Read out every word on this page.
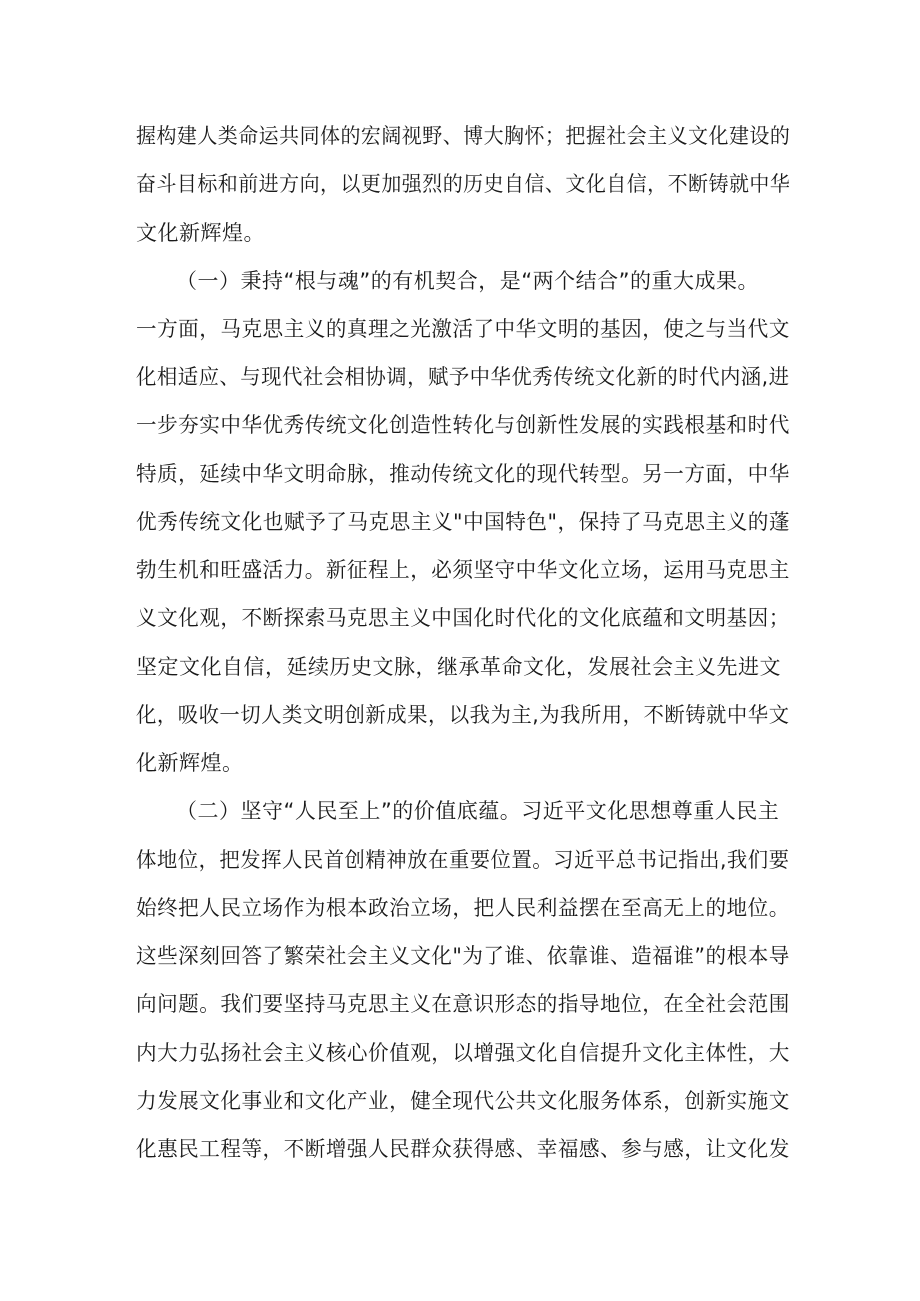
握构建人类命运共同体的宏阔视野、博大胸怀；把握社会主义文化建设的
奋斗目标和前进方向，以更加强烈的历史自信、文化自信，不断铸就中华
文化新辉煌。
（一）秉持“根与魂”的有机契合，是“两个结合”的重大成果。
一方面，马克思主义的真理之光激活了中华文明的基因，使之与当代文
化相适应、与现代社会相协调，赋予中华优秀传统文化新的时代内涵,进
一步夯实中华优秀传统文化创造性转化与创新性发展的实践根基和时代
特质，延续中华文明命脉，推动传统文化的现代转型。另一方面，中华
优秀传统文化也赋予了马克思主义"中国特色"，保持了马克思主义的蓬
勃生机和旺盛活力。新征程上，必须坚守中华文化立场，运用马克思主
义文化观，不断探索马克思主义中国化时代化的文化底蕴和文明基因；
坚定文化自信，延续历史文脉，继承革命文化，发展社会主义先进文
化，吸收一切人类文明创新成果，以我为主,为我所用，不断铸就中华文
化新辉煌。
（二）坚守“人民至上”的价值底蕴。习近平文化思想尊重人民主
体地位，把发挥人民首创精神放在重要位置。习近平总书记指出,我们要
始终把人民立场作为根本政治立场，把人民利益摆在至高无上的地位。
这些深刻回答了繁荣社会主义文化"为了谁、依靠谁、造福谁”的根本导
向问题。我们要坚持马克思主义在意识形态的指导地位，在全社会范围
内大力弘扬社会主义核心价值观，以增强文化自信提升文化主体性，大
力发展文化事业和文化产业，健全现代公共文化服务体系，创新实施文
化惠民工程等，不断增强人民群众获得感、幸福感、参与感，让文化发
